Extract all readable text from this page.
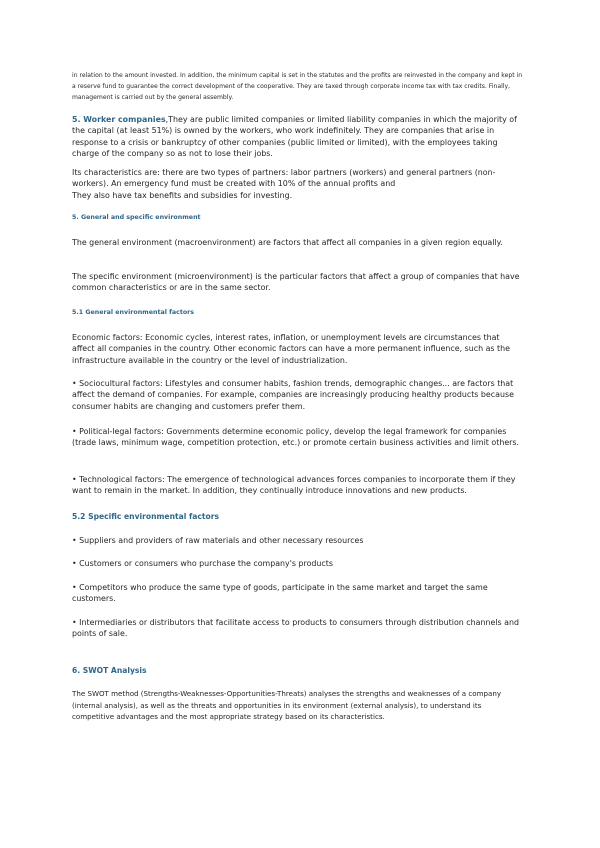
in relation to the amount invested. In addition, the minimum capital is set in the statutes and the profits are reinvested in the company and kept in a reserve fund to guarantee the correct development of the cooperative. They are taxed through corporate income tax with tax credits. Finally, management is carried out by the general assembly.

5. Worker companies,They are public limited companies or limited liability companies in which the majority of the capital (at least 51%) is owned by the workers, who work indefinitely. They are companies that arise in response to a crisis or bankruptcy of other companies (public limited or limited), with the employees taking charge of the company so as not to lose their jobs.

Its characteristics are: there are two types of partners: labor partners (workers) and general partners (non-workers). An emergency fund must be created with 10% of the annual profits and

They also have tax benefits and subsidies for investing.

5. General and specific environment

The general environment (macroenvironment) are factors that affect all companies in a given region equally.

The specific environment (microenvironment) is the particular factors that affect a group of companies that have common characteristics or are in the same sector.

5.1 General environmental factors

Economic factors: Economic cycles, interest rates, inflation, or unemployment levels are circumstances that affect all companies in the country. Other economic factors can have a more permanent influence, such as the infrastructure available in the country or the level of industrialization.

• Sociocultural factors: Lifestyles and consumer habits, fashion trends, demographic changes... are factors that affect the demand of companies. For example, companies are increasingly producing healthy products because consumer habits are changing and customers prefer them.

• Political-legal factors: Governments determine economic policy, develop the legal framework for companies (trade laws, minimum wage, competition protection, etc.) or promote certain business activities and limit others.

• Technological factors: The emergence of technological advances forces companies to incorporate them if they want to remain in the market. In addition, they continually introduce innovations and new products.

5.2 Specific environmental factors

• Suppliers and providers of raw materials and other necessary resources

• Customers or consumers who purchase the company's products

• Competitors who produce the same type of goods, participate in the same market and target the same customers.

• Intermediaries or distributors that facilitate access to products to consumers through distribution channels and points of sale.

6. SWOT Analysis

The SWOT method (Strengths-Weaknesses-Opportunities-Threats) analyses the strengths and weaknesses of a company (internal analysis), as well as the threats and opportunities in its environment (external analysis), to understand its competitive advantages and the most appropriate strategy based on its characteristics.
